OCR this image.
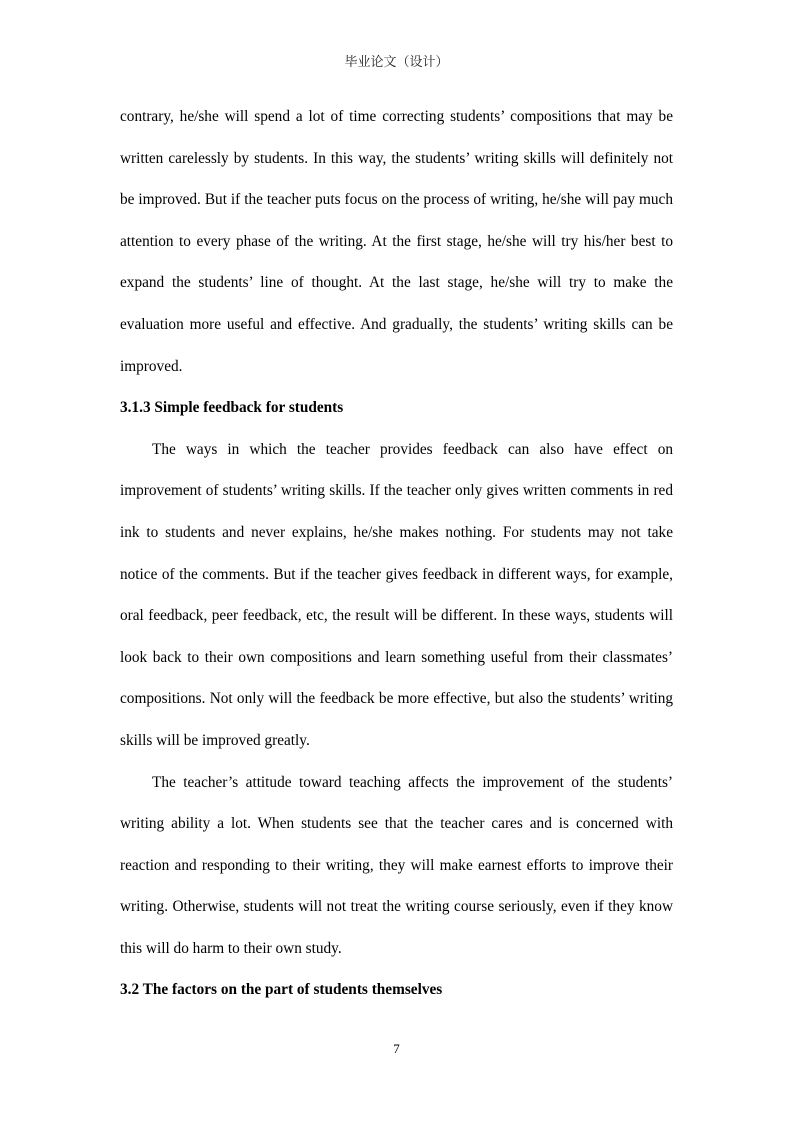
毕业论文（设计）

contrary, he/she will spend a lot of time correcting students’ compositions that may be written carelessly by students. In this way, the students’ writing skills will definitely not be improved. But if the teacher puts focus on the process of writing, he/she will pay much attention to every phase of the writing. At the first stage, he/she will try his/her best to expand the students’ line of thought. At the last stage, he/she will try to make the evaluation more useful and effective. And gradually, the students’ writing skills can be improved.

3.1.3 Simple feedback for students

The ways in which the teacher provides feedback can also have effect on improvement of students’ writing skills. If the teacher only gives written comments in red ink to students and never explains, he/she makes nothing. For students may not take notice of the comments. But if the teacher gives feedback in different ways, for example, oral feedback, peer feedback, etc, the result will be different. In these ways, students will look back to their own compositions and learn something useful from their classmates’ compositions. Not only will the feedback be more effective, but also the students’ writing skills will be improved greatly.

The teacher’s attitude toward teaching affects the improvement of the students’ writing ability a lot. When students see that the teacher cares and is concerned with reaction and responding to their writing, they will make earnest efforts to improve their writing. Otherwise, students will not treat the writing course seriously, even if they know this will do harm to their own study.

3.2 The factors on the part of students themselves
7
